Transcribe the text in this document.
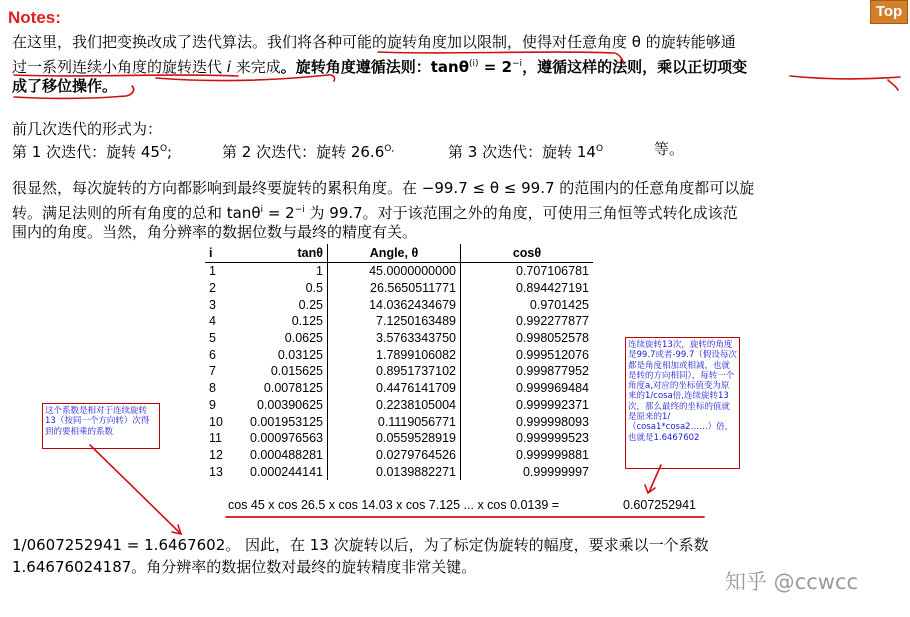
Notes:	Top
在这里，我们把变换改成了迭代算法。我们将各种可能的旋转角度加以限制，使得对任意角度 θ 的旋转能够通
过一系列连续小角度的旋转迭代 i 来完成。旋转角度遵循法则：$\tan\theta^{(i)} = 2^{-i}$，遵循这样的法则，乘以正切项变
成了移位操作。
前几次迭代的形式为：
第 1 次迭代：旋转 $45^O$;	第 2 次迭代：旋转 $26.6^{O,}$	第 3 次迭代：旋转 $14^O$	等。
很显然，每次旋转的方向都影响到最终要旋转的累积角度。在 −99.7 ≤ θ ≤ 99.7 的范围内的任意角度都可以旋
转。满足法则的所有角度的总和 $\tan\theta^i = 2^{-i}$ 为 99.7。对于该范围之外的角度，可使用三角恒等式转化成该范
围内的角度。当然，角分辨率的数据位数与最终的精度有关。
i	tanθ	Angle, θ	cosθ
1	1	45.0000000000	0.707106781
2	0.5	26.5650511771	0.894427191
3	0.25	14.0362434679	0.9701425
4	0.125	7.1250163489	0.992277877
5	0.0625	3.5763343750	0.998052578
6	0.03125	1.7899106082	0.999512076
7	0.015625	0.8951737102	0.999877952
8	0.0078125	0.4476141709	0.999969484
9	0.00390625	0.2238105004	0.999992371
10	0.001953125	0.1119056771	0.999998093
11	0.000976563	0.0559528919	0.999999523
12	0.000488281	0.0279764526	0.999999881
13	0.000244141	0.0139882271	0.99999997
cos 45 x cos 26.5 x cos 14.03 x cos 7.125 ... x cos 0.0139 =	0.607252941
这个系数是相对于连续旋转13（按同一个方向转）次得到的要相乘的系数
连续旋转13次，旋转的角度是99.7或者-99.7（假设每次都是角度相加或相减，也就是转的方向相同），每转一个角度a,对应的坐标值变为原来的1/cosa倍,连续旋转13次，那么最终的坐标的值就是原来的1/（cosa1*cosa2……）倍，也就是1.6467602
1/0607252941 = 1.6467602。 因此，在 13 次旋转以后，为了标定伪旋转的幅度，要求乘以一个系数
1.64676024187。角分辨率的数据位数对最终的旋转精度非常关键。
知乎 @ccwcc
